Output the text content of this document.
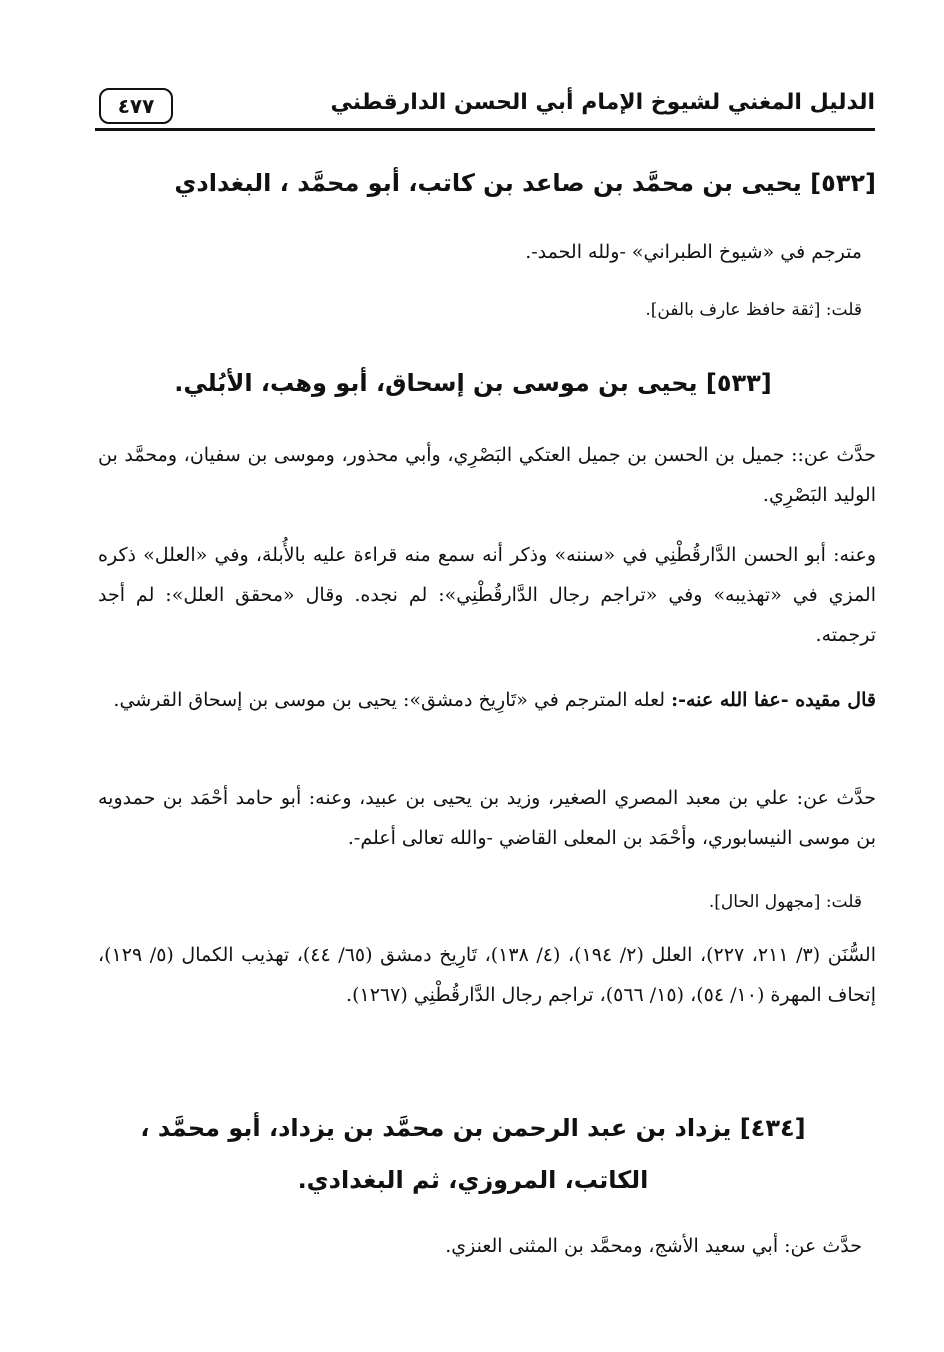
الدليل المغني لشيوخ الإمام أبي الحسن الدارقطني
٤٧٧
[٥٣٢] يحيى بن محمَّد بن صاعد بن كاتب، أبو محمَّد ، البغدادي
مترجم في «شيوخ الطبراني» -ولله الحمد-.
قلت: [ثقة حافظ عارف بالفن].
[٥٣٣] يحيى بن موسى بن إسحاق، أبو وهب، الأبُلي.
حدَّث عن:: جميل بن الحسن بن جميل العتكي البَصْرِي، وأبي محذور، وموسى بن سفيان، ومحمَّد بن الوليد البَصْرِي.
وعنه: أبو الحسن الدَّارقُطْنِي في «سننه» وذكر أنه سمع منه قراءة عليه بالأُبلة، وفي «العلل» ذكره المزي في «تهذيبه» وفي «تراجم رجال الدَّارقُطْنِي»: لم نجده. وقال «محقق العلل»: لم أجد ترجمته.
قال مقيده -عفا الله عنه-: لعله المترجم في «تَارِيخ دمشق»: يحيى بن موسى بن إسحاق القرشي.
حدَّث عن: علي بن معبد المصري الصغير، وزيد بن يحيى بن عبيد، وعنه: أبو حامد أحْمَد بن حمدويه بن موسى النيسابوري، وأحْمَد بن المعلى القاضي -والله تعالى أعلم-.
قلت: [مجهول الحال].
السُّنَن (٣/ ٢١١، ٢٢٧)، العلل (٢/ ١٩٤)، (٤/ ١٣٨)، تَارِيخ دمشق (٦٥/ ٤٤)، تهذيب الكمال (٥/ ١٢٩)، إتحاف المهرة (١٠/ ٥٤)، (١٥/ ٥٦٦)، تراجم رجال الدَّارقُطْنِي (١٢٦٧).
[٤٣٤] يزداد بن عبد الرحمن بن محمَّد بن يزداد، أبو محمَّد ،
الكاتب، المروزي، ثم البغدادي.
حدَّث عن: أبي سعيد الأشج، ومحمَّد بن المثنى العنزي.
